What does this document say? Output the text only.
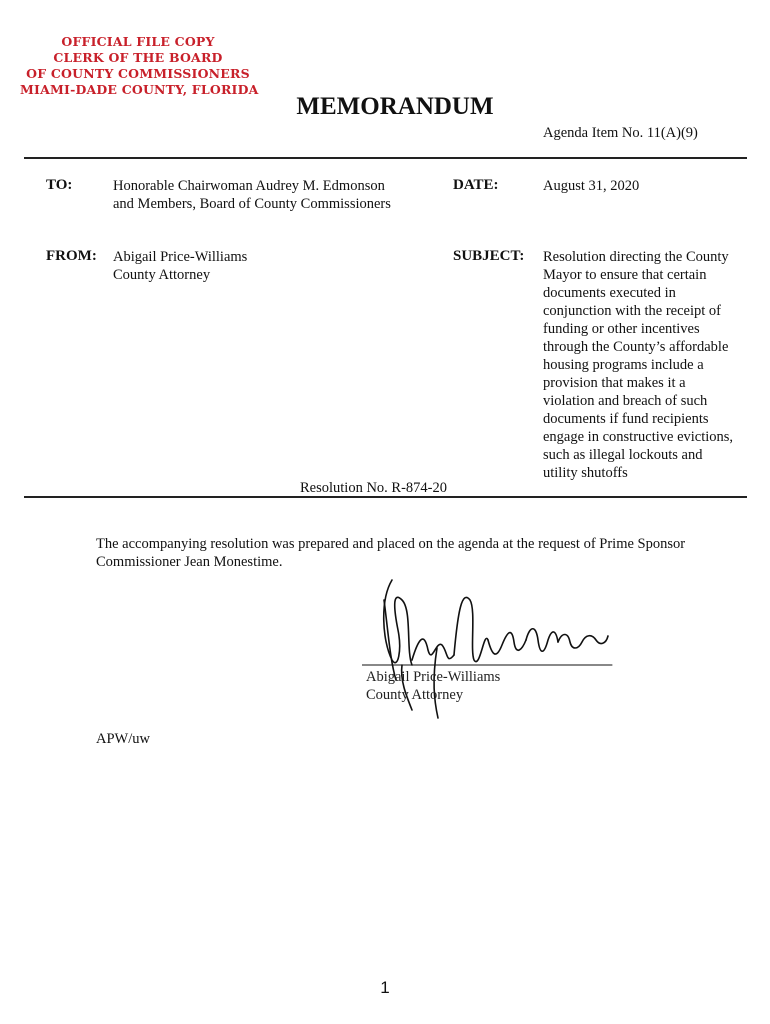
OFFICIAL FILE COPY
CLERK OF THE BOARD
OF COUNTY COMMISSIONERS
MIAMI-DADE COUNTY, FLORIDA
MEMORANDUM
Agenda Item No. 11(A)(9)
TO:	Honorable Chairwoman Audrey M. Edmonson
and Members, Board of County Commissioners
DATE:	August 31, 2020
FROM: Abigail Price-Williams
County Attorney
SUBJECT: Resolution directing the County
Mayor to ensure that certain
documents executed in
conjunction with the receipt of
funding or other incentives
through the County’s affordable
housing programs include a
provision that makes it a
violation and breach of such
documents if fund recipients
engage in constructive evictions,
such as illegal lockouts and
utility shutoffs
Resolution No. R-874-20
The accompanying resolution was prepared and placed on the agenda at the request of Prime Sponsor
Commissioner Jean Monestime.
Abigail Price-Williams
County Attorney
APW/uw
1
